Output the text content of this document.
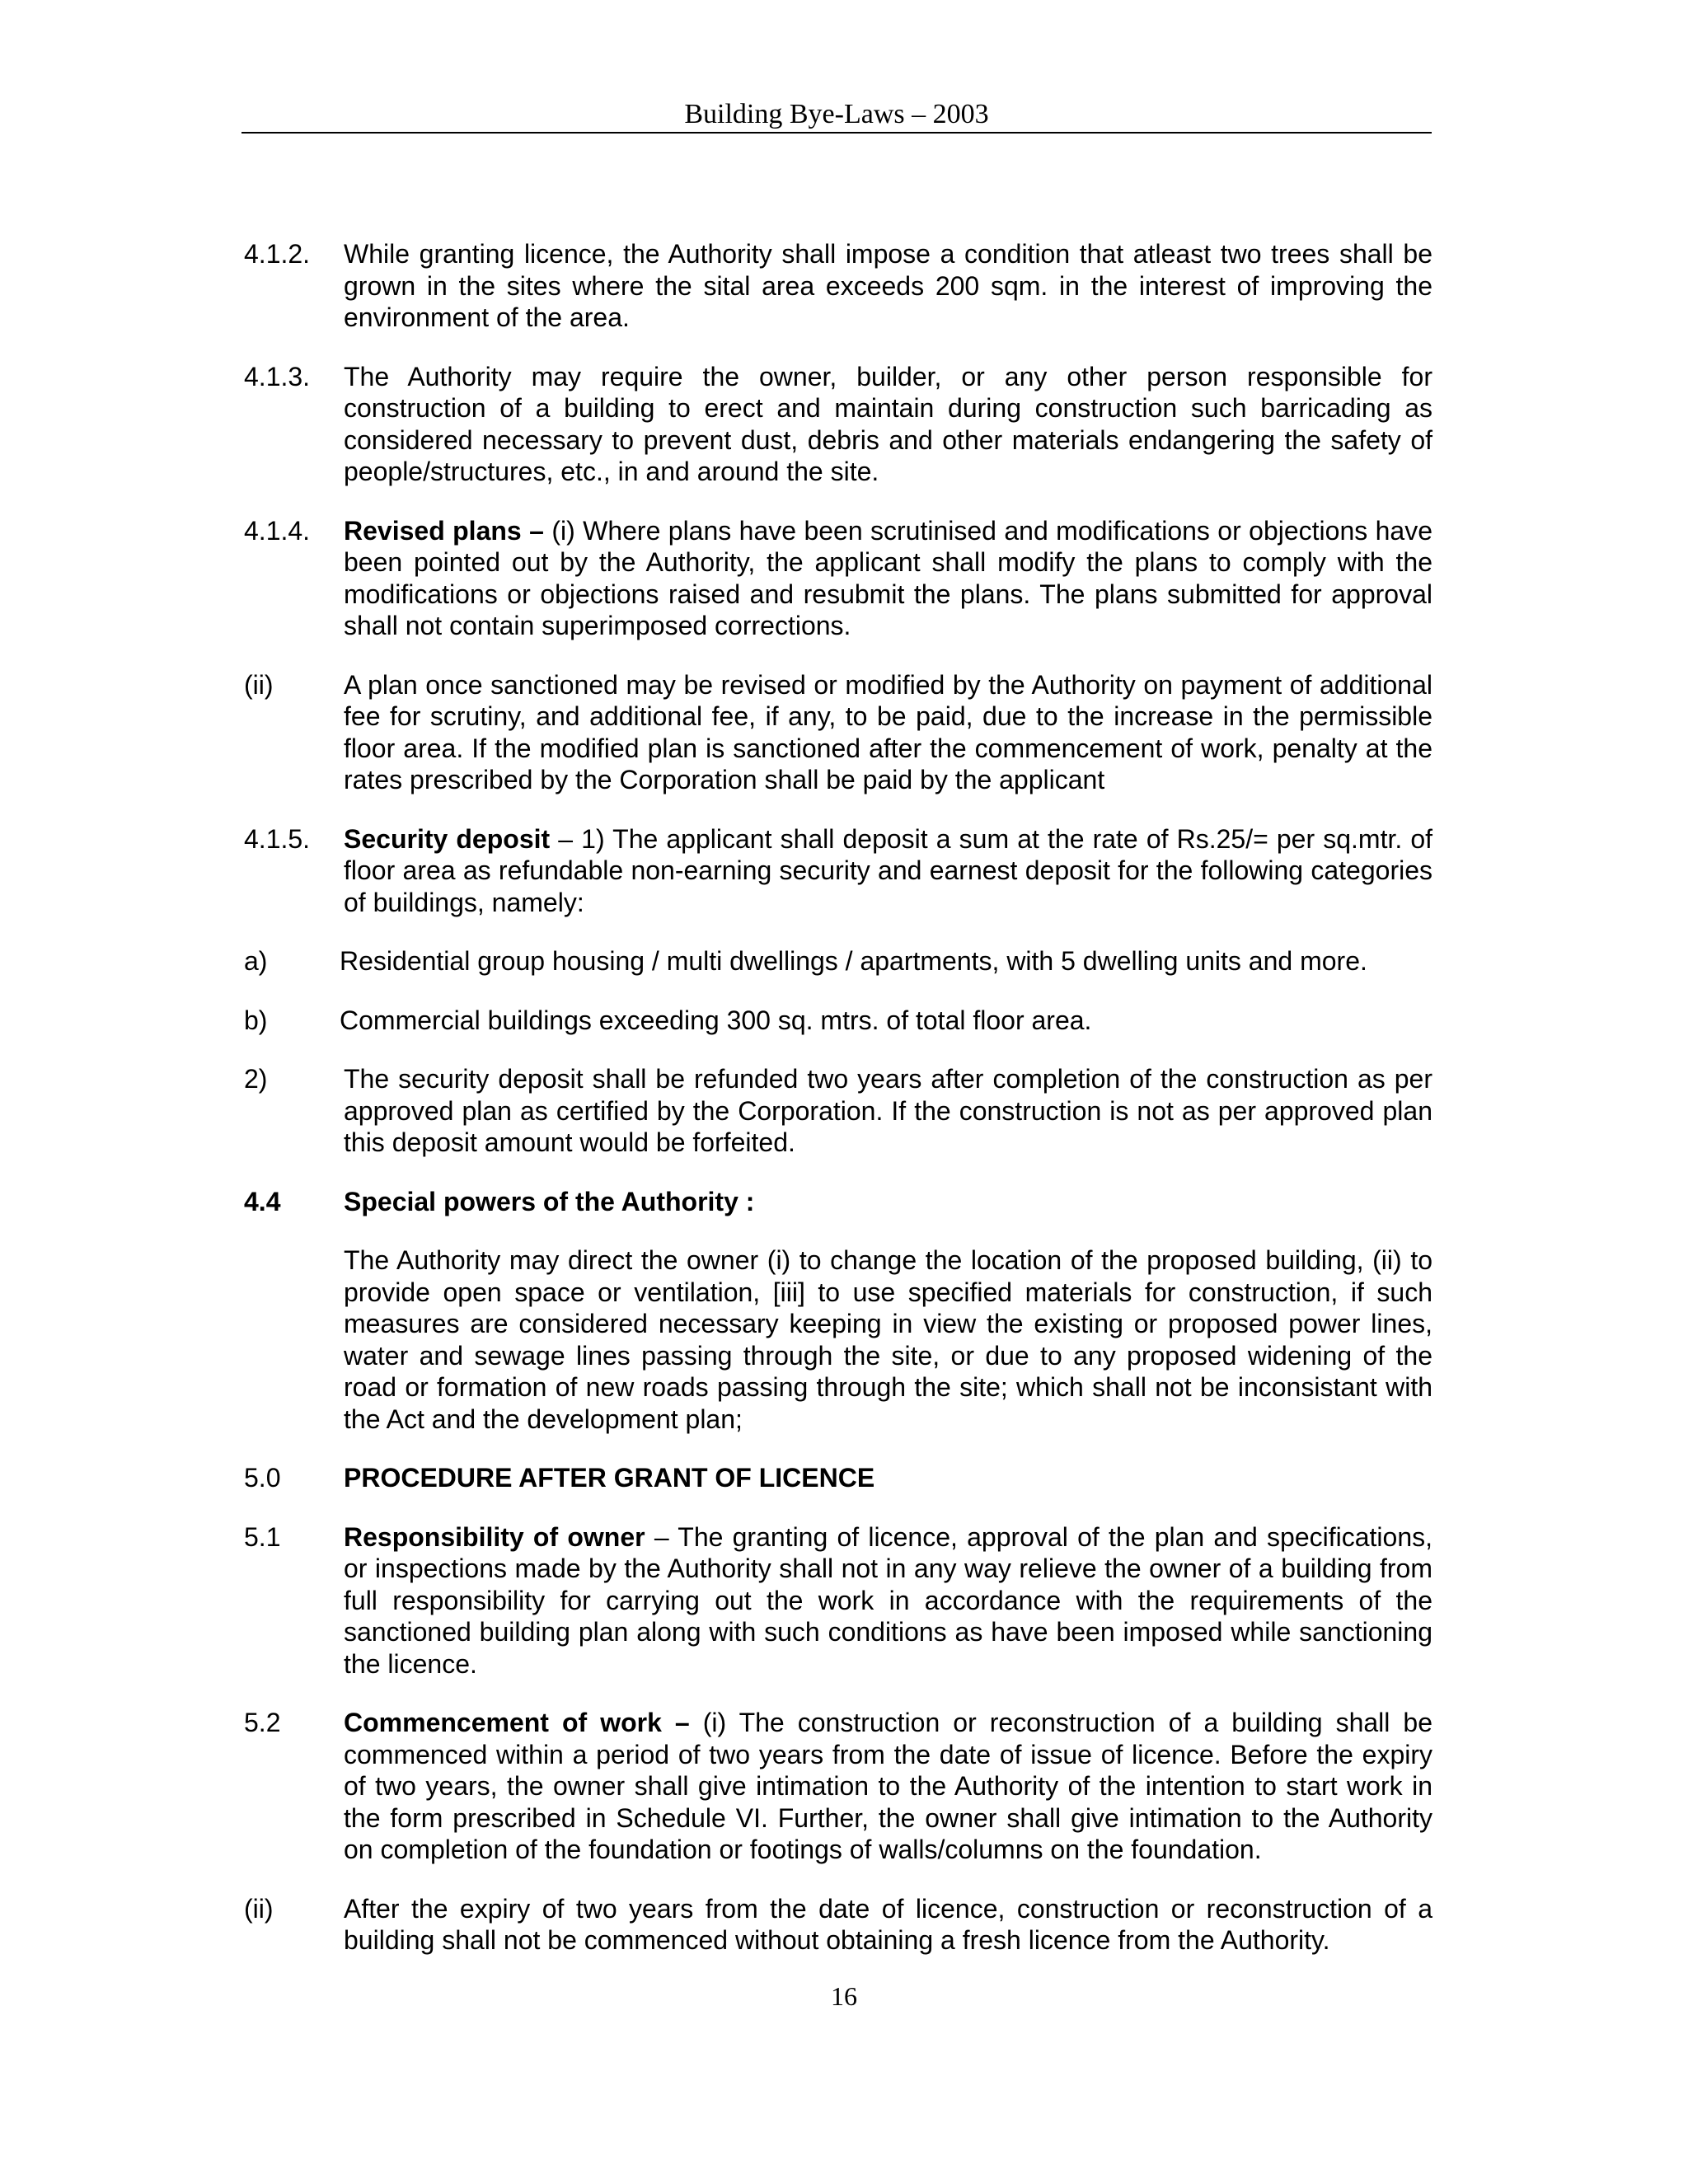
Building Bye-Laws – 2003
4.1.2. While granting licence, the Authority shall impose a condition that atleast two trees shall be grown in the sites where the sital area exceeds 200 sqm. in the interest of improving the environment of the area.
4.1.3. The Authority may require the owner, builder, or any other person responsible for construction of a building to erect and maintain during construction such barricading as considered necessary to prevent dust, debris and other materials endangering the safety of people/structures, etc., in and around the site.
4.1.4. Revised plans – (i) Where plans have been scrutinised and modifications or objections have been pointed out by the Authority, the applicant shall modify the plans to comply with the modifications or objections raised and resubmit the plans. The plans submitted for approval shall not contain superimposed corrections.
(ii)	A plan once sanctioned may be revised or modified by the Authority on payment of additional fee for scrutiny, and additional fee, if any, to be paid, due to the increase in the permissible floor area. If the modified plan is sanctioned after the commencement of work, penalty at the rates prescribed by the Corporation shall be paid by the applicant
4.1.5. Security deposit – 1) The applicant shall deposit a sum at the rate of Rs.25/= per sq.mtr. of floor area as refundable non-earning security and earnest deposit for the following categories of buildings, namely:
a)	Residential group housing / multi dwellings / apartments, with 5 dwelling units and more.
b)	Commercial buildings exceeding 300 sq. mtrs. of total floor area.
2)	The security deposit shall be refunded two years after completion of the construction as per approved plan as certified by the Corporation. If the construction is not as per approved plan this deposit amount would be forfeited.
4.4 Special powers of the Authority :
The Authority may direct the owner (i) to change the location of the proposed building, (ii) to provide open space or ventilation, [iii] to use specified materials for construction, if such measures are considered necessary keeping in view the existing or proposed power lines, water and sewage lines passing through the site, or due to any proposed widening of the road or formation of new roads passing through the site; which shall not be inconsistant with the Act and the development plan;
5.0 PROCEDURE AFTER GRANT OF LICENCE
5.1 Responsibility of owner – The granting of licence, approval of the plan and specifications, or inspections made by the Authority shall not in any way relieve the owner of a building from full responsibility for carrying out the work in accordance with the requirements of the sanctioned building plan along with such conditions as have been imposed while sanctioning the licence.
5.2 Commencement of work – (i) The construction or reconstruction of a building shall be commenced within a period of two years from the date of issue of licence. Before the expiry of two years, the owner shall give intimation to the Authority of the intention to start work in the form prescribed in Schedule VI. Further, the owner shall give intimation to the Authority on completion of the foundation or footings of walls/columns on the foundation.
(ii)	After the expiry of two years from the date of licence, construction or reconstruction of a building shall not be commenced without obtaining a fresh licence from the Authority.
16
